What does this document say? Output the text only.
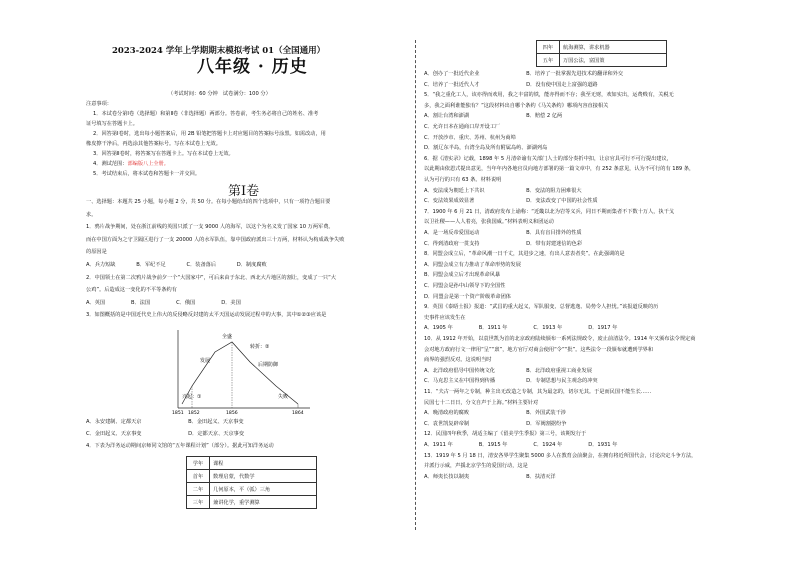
2023-2024 学年上学期期末模拟考试 01（全国通用）
八年级 · 历史
（考试时间：60 分钟　试卷满分：100 分）
注意事项：
1．本试卷分第Ⅰ卷（选择题）和第Ⅱ卷（非选择题）两部分。答卷前，考生务必将自己的姓名、准考
证号填写在答题卡上。
2．回答第Ⅰ卷时，选出每小题答案后，用 2B 铅笔把答题卡上对应题目的答案标号涂黑。如需改动，用
橡皮擦干净后，再选涂其他答案标号。写在本试卷上无效。
3．回答第Ⅱ卷时，将答案写在答题卡上。写在本试卷上无效。
4．测试范围：部编版八上全册。
5．考试结束后，将本试卷和答题卡一并交回。
第Ⅰ卷
一、选择题：本题共 25 小题，每小题 2 分，共 50 分。在每小题给出的四个选项中，只有一项符合题目要
求。
1．鸦片战争期间，处在浙江前线的英国只派了一支 9000 人的海军，以这个为名义发了国家 10 万两军费。
而在中国方面为之守卫隔区进行了一支 20000 人的水军队伍，靠中国政府派出三十万两，材料认为构成战争失败
的原因是
A．兵力短缺　　　　B．军纪不足　　　　C．装备落后　　　　D．制度腐败
2．中国领土在第二次鸦片战争前夕一个“大国家中”，可后来由于东北、西北大片地区的割让，变成了一只“大
公鸡”。后造成这一变化的不平等条约有
A．英国　　　　　B．法国　　　　　C．俄国　　　　　D．美国
3．如图概括的是中国近代史上伟大的反侵略反封建的太平天国运动发展过程中的大事，其中①②③应该是
全盛
转折：②
发展
后期防御
兴起：①	失败
1851 1852	1856	1864
A．永安建制、定都天京　　　　　　　　　B．金田起义、天京事变
C．金田起义、天京事变　　　　　　　　　D．定都天京、天京事变
4．下表为洋务运动期间京师同文馆的“五年课程计划”（部分）。据此可知洋务运动
学年	课程
首年	数理启蒙，代数学
二年	几何原本，平（弧）三角
三年	兼讲化学，重学测算
四年	航海测算，讲求机器
五年	万国公法，富国策
A．创办了一批近代企业　　　　　　　　　B．培养了一批掌握先进技术的翻译和外交
C．培养了一批近代人才　　　　　　　　　D．没有使中国走上富强的道路
5．“我之重化工人，该亦得而欢用，我之丰富的铁，能亦得而不存；我至无财，欢如实出，运费贱有，关税无
多，我之面利谁能独有？”这段材料出自哪个条约《马关条约》哪项内容直接相关
A．割让台湾和澎湖　　　　　　　　　　　B．赔偿 2 亿两
C．允许日本在通商口岸开设工厂
C．开放沙市、重庆、苏州、杭州为商埠
D．割辽东半岛，台湾全岛及所有附属岛屿、澎湖列岛
6．据《清实录》记载，1898 年 5 月清帝谕有关部门人士的部分奏折中扣，让京官具可行不可行提出建议，
以此期由依恩式提出意见，当年年内各地官员向地方部署的第一篇文章中，有 252 条意见，认为不可行的有 189 条，
认为可行的只有 63 条。材料说明
A．变法成为朝廷上下共识　　　　　　　　B．变法的阻力困难很大
C．变法效果成效显著　　　　　　　　　　D．变法改变了中国的社会性质
7．1900 年 6 月 21 日，清政府发布上谕称：“近畿以北为岩等义兵，同日不期而集者不下数十万人，执干戈
以卫社稷——人人着亮，张我国威。”材料表明义和团运动
A．是一场反帝爱国运动　　　　　　　　　B．具有盲目排外的性质
C．得到清政府一贯支持　　　　　　　　　D．带有封建迷信的色彩
8．同盟会成立后，“革命风潮一日千丈，其进步之速，有出人意表者矣”。在此强调的是
A．同盟会成立有力推动了革命形势的发展
B．同盟会成立后才出现革命风暴
C．同盟会是孙中山领导下的全国性
D．同盟会是第一个资产阶级革命团体
9．英国《泰晤士报》报道：“武昌的重大起义，军队服变、总督逃逸、局势令人担忧。”该报道反映的历
史事件应该发生在
A．1905 年　　　　　B．1911 年　　　　　C．1913 年　　　　　D．1917 年
10．从 1912 年开始，以袁世凯为首的北京政府陆续颁布一系列法规政令，废止前清法令。1914 年又颁布法令规定商
会对地方政府行文一律用“呈”“禀”，地方官厅对商会使用“令”“批”。这些法令一段颁布就遭到学界和
商界的强烈反对。这说明当时
A．北洋政府倡导中国传统文化　　　　　　B．北洋政府重视工商业发展
C．马克思主义在中国得到传播　　　　　　D．专制思想与民主观念的冲突
11．“夫古一两年之专制，种主出无改造之专制，其为最怎的，切尔无其。于是而民国不能生长……
民国七十二日日，分文自声于上海。”材料主要针对
A．晚清政府的腐败　　　　　　　　　　　B．外国武装干涉
C．袁世凯复辟帝制　　　　　　　　　　　D．军阀割据纷争
12．民国四年秋季，胡适主编了《留美学生季报》第三号，该期发行于
A．1911 年　　　　　B．1915 年　　　　　C．1924 年　　　　　D．1931 年
13．1919 年 5 月 18 日，清安各界学生聚集 5000 多人在教育会前聚会，在拥有将近所国代会，讨论决定斗争方法，
并派行示威，声援北京学生的爱国行动，这是
A．师夷长技以制夷　　　　　　　　　　　B．扶清灭洋
